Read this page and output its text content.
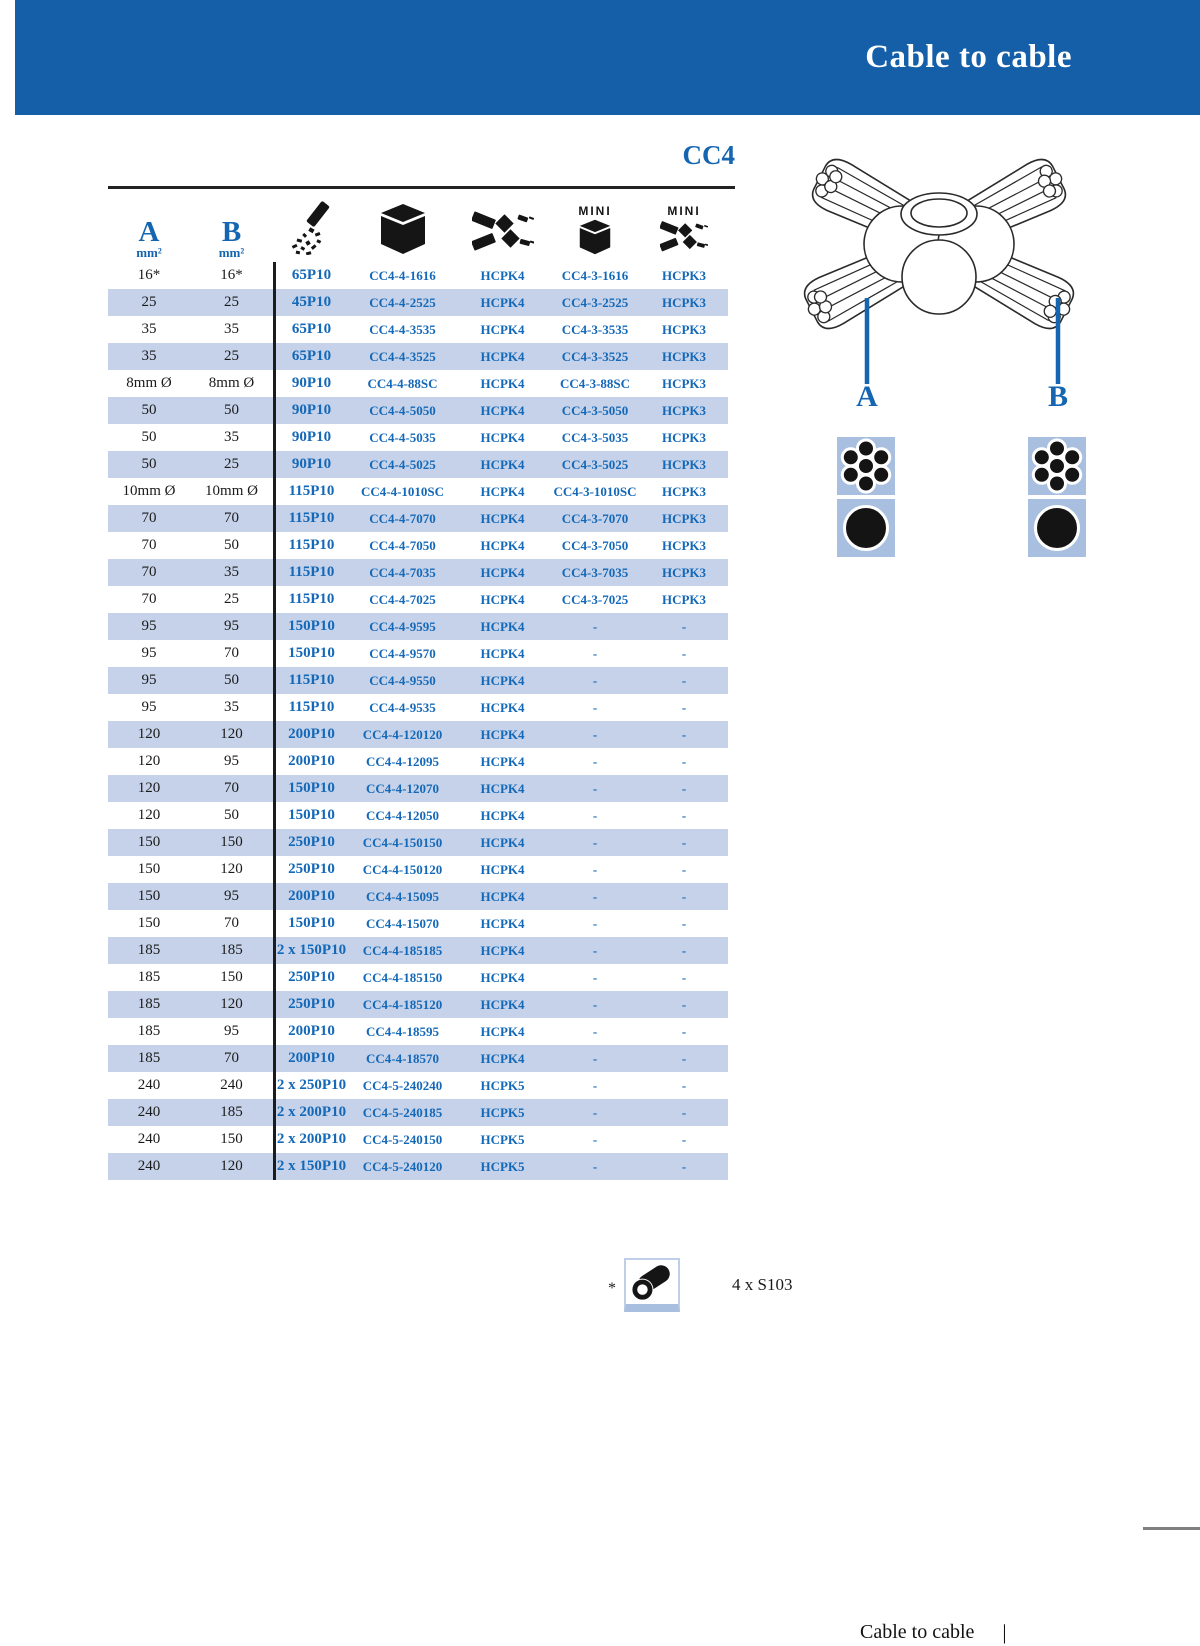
Cable to cable
CC4
A
mm²
B
mm²
MINI	MINI
16*	16*	65P10	CC4-4-1616	HCPK4	CC4-3-1616	HCPK3
25	25	45P10	CC4-4-2525	HCPK4	CC4-3-2525	HCPK3
35	35	65P10	CC4-4-3535	HCPK4	CC4-3-3535	HCPK3
35	25	65P10	CC4-4-3525	HCPK4	CC4-3-3525	HCPK3
8mm Ø	8mm Ø	90P10	CC4-4-88SC	HCPK4	CC4-3-88SC	HCPK3
50	50	90P10	CC4-4-5050	HCPK4	CC4-3-5050	HCPK3
50	35	90P10	CC4-4-5035	HCPK4	CC4-3-5035	HCPK3
50	25	90P10	CC4-4-5025	HCPK4	CC4-3-5025	HCPK3
10mm Ø	10mm Ø	115P10	CC4-4-1010SC	HCPK4	CC4-3-1010SC	HCPK3
70	70	115P10	CC4-4-7070	HCPK4	CC4-3-7070	HCPK3
70	50	115P10	CC4-4-7050	HCPK4	CC4-3-7050	HCPK3
70	35	115P10	CC4-4-7035	HCPK4	CC4-3-7035	HCPK3
70	25	115P10	CC4-4-7025	HCPK4	CC4-3-7025	HCPK3
95	95	150P10	CC4-4-9595	HCPK4	-	-
95	70	150P10	CC4-4-9570	HCPK4	-	-
95	50	115P10	CC4-4-9550	HCPK4	-	-
95	35	115P10	CC4-4-9535	HCPK4	-	-
120	120	200P10	CC4-4-120120	HCPK4	-	-
120	95	200P10	CC4-4-12095	HCPK4	-	-
120	70	150P10	CC4-4-12070	HCPK4	-	-
120	50	150P10	CC4-4-12050	HCPK4	-	-
150	150	250P10	CC4-4-150150	HCPK4	-	-
150	120	250P10	CC4-4-150120	HCPK4	-	-
150	95	200P10	CC4-4-15095	HCPK4	-	-
150	70	150P10	CC4-4-15070	HCPK4	-	-
185	185	2 x 150P10	CC4-4-185185	HCPK4	-	-
185	150	250P10	CC4-4-185150	HCPK4	-	-
185	120	250P10	CC4-4-185120	HCPK4	-	-
185	95	200P10	CC4-4-18595	HCPK4	-	-
185	70	200P10	CC4-4-18570	HCPK4	-	-
240	240	2 x 250P10	CC4-5-240240	HCPK5	-	-
240	185	2 x 200P10	CC4-5-240185	HCPK5	-	-
240	150	2 x 200P10	CC4-5-240150	HCPK5	-	-
240	120	2 x 150P10	CC4-5-240120	HCPK5	-	-
*	4 x S103
A	B
Cable to cable |
